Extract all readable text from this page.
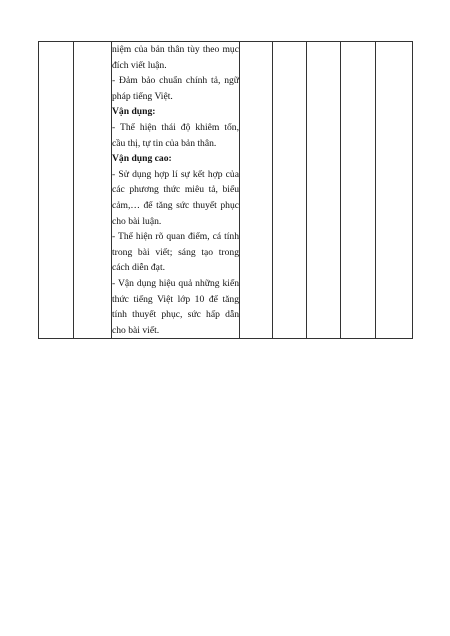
niệm của bản thân tùy theo mục đích viết luận.
- Đảm bảo chuẩn chính tả, ngữ pháp tiếng Việt.
Vận dụng:
- Thể hiện thái độ khiêm tốn, cầu thị, tự tin của bản thân.
Vận dụng cao:
- Sử dụng hợp lí sự kết hợp của các phương thức miêu tả, biểu cảm,… để tăng sức thuyết phục cho bài luận.
- Thể hiện rõ quan điểm, cá tính trong bài viết; sáng tạo trong cách diễn đạt.
- Vận dụng hiệu quả những kiến thức tiếng Việt lớp 10 để tăng tính thuyết phục, sức hấp dẫn cho bài viết.
